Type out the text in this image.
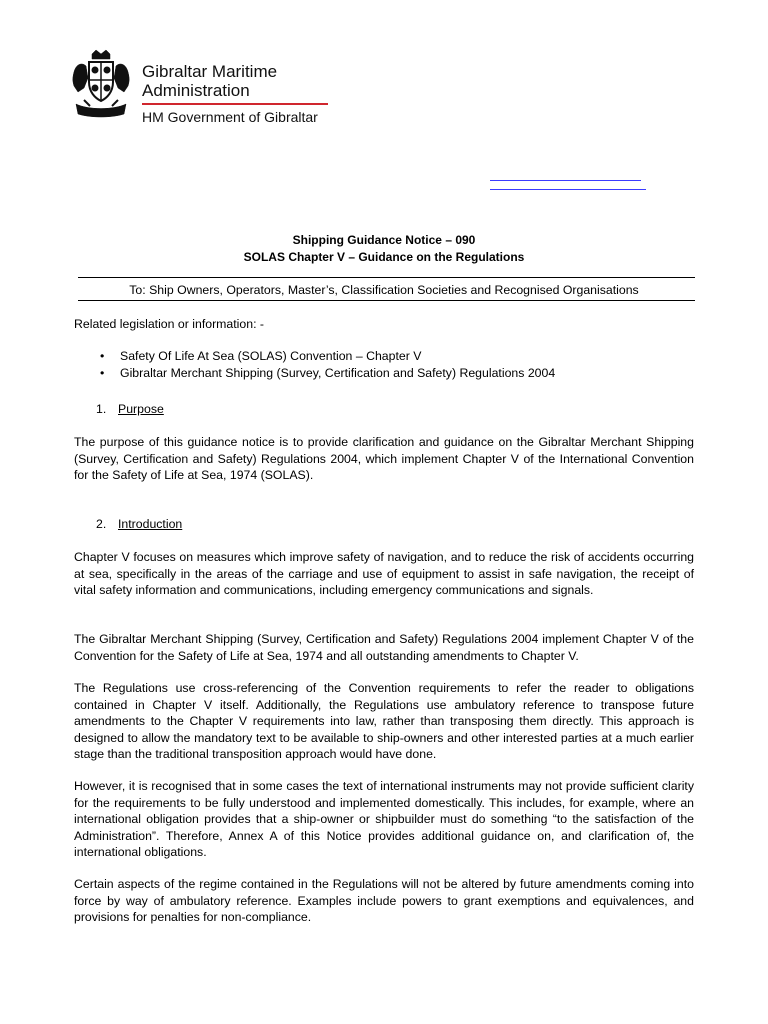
Gibraltar Maritime
Administration
HM Government of Gibraltar
Shipping Guidance Notice – 090
SOLAS Chapter V – Guidance on the Regulations
To: Ship Owners, Operators, Master’s, Classification Societies and Recognised Organisations
Related legislation or information: -
• Safety Of Life At Sea (SOLAS) Convention – Chapter V
• Gibraltar Merchant Shipping (Survey, Certification and Safety) Regulations 2004
1. Purpose

The purpose of this guidance notice is to provide clarification and guidance on the Gibraltar Merchant Shipping (Survey, Certification and Safety) Regulations 2004, which implement Chapter V of the International Convention for the Safety of Life at Sea, 1974 (SOLAS).

2. Introduction

Chapter V focuses on measures which improve safety of navigation, and to reduce the risk of accidents occurring at sea, specifically in the areas of the carriage and use of equipment to assist in safe navigation, the receipt of vital safety information and communications, including emergency communications and signals.

The Gibraltar Merchant Shipping (Survey, Certification and Safety) Regulations 2004 implement Chapter V of the Convention for the Safety of Life at Sea, 1974 and all outstanding amendments to Chapter V.

The Regulations use cross-referencing of the Convention requirements to refer the reader to obligations contained in Chapter V itself. Additionally, the Regulations use ambulatory reference to transpose future amendments to the Chapter V requirements into law, rather than transposing them directly. This approach is designed to allow the mandatory text to be available to ship-owners and other interested parties at a much earlier stage than the traditional transposition approach would have done.

However, it is recognised that in some cases the text of international instruments may not provide sufficient clarity for the requirements to be fully understood and implemented domestically. This includes, for example, where an international obligation provides that a ship-owner or shipbuilder must do something “to the satisfaction of the Administration”. Therefore, Annex A of this Notice provides additional guidance on, and clarification of, the international obligations.

Certain aspects of the regime contained in the Regulations will not be altered by future amendments coming into force by way of ambulatory reference. Examples include powers to grant exemptions and equivalences, and provisions for penalties for non-compliance.
